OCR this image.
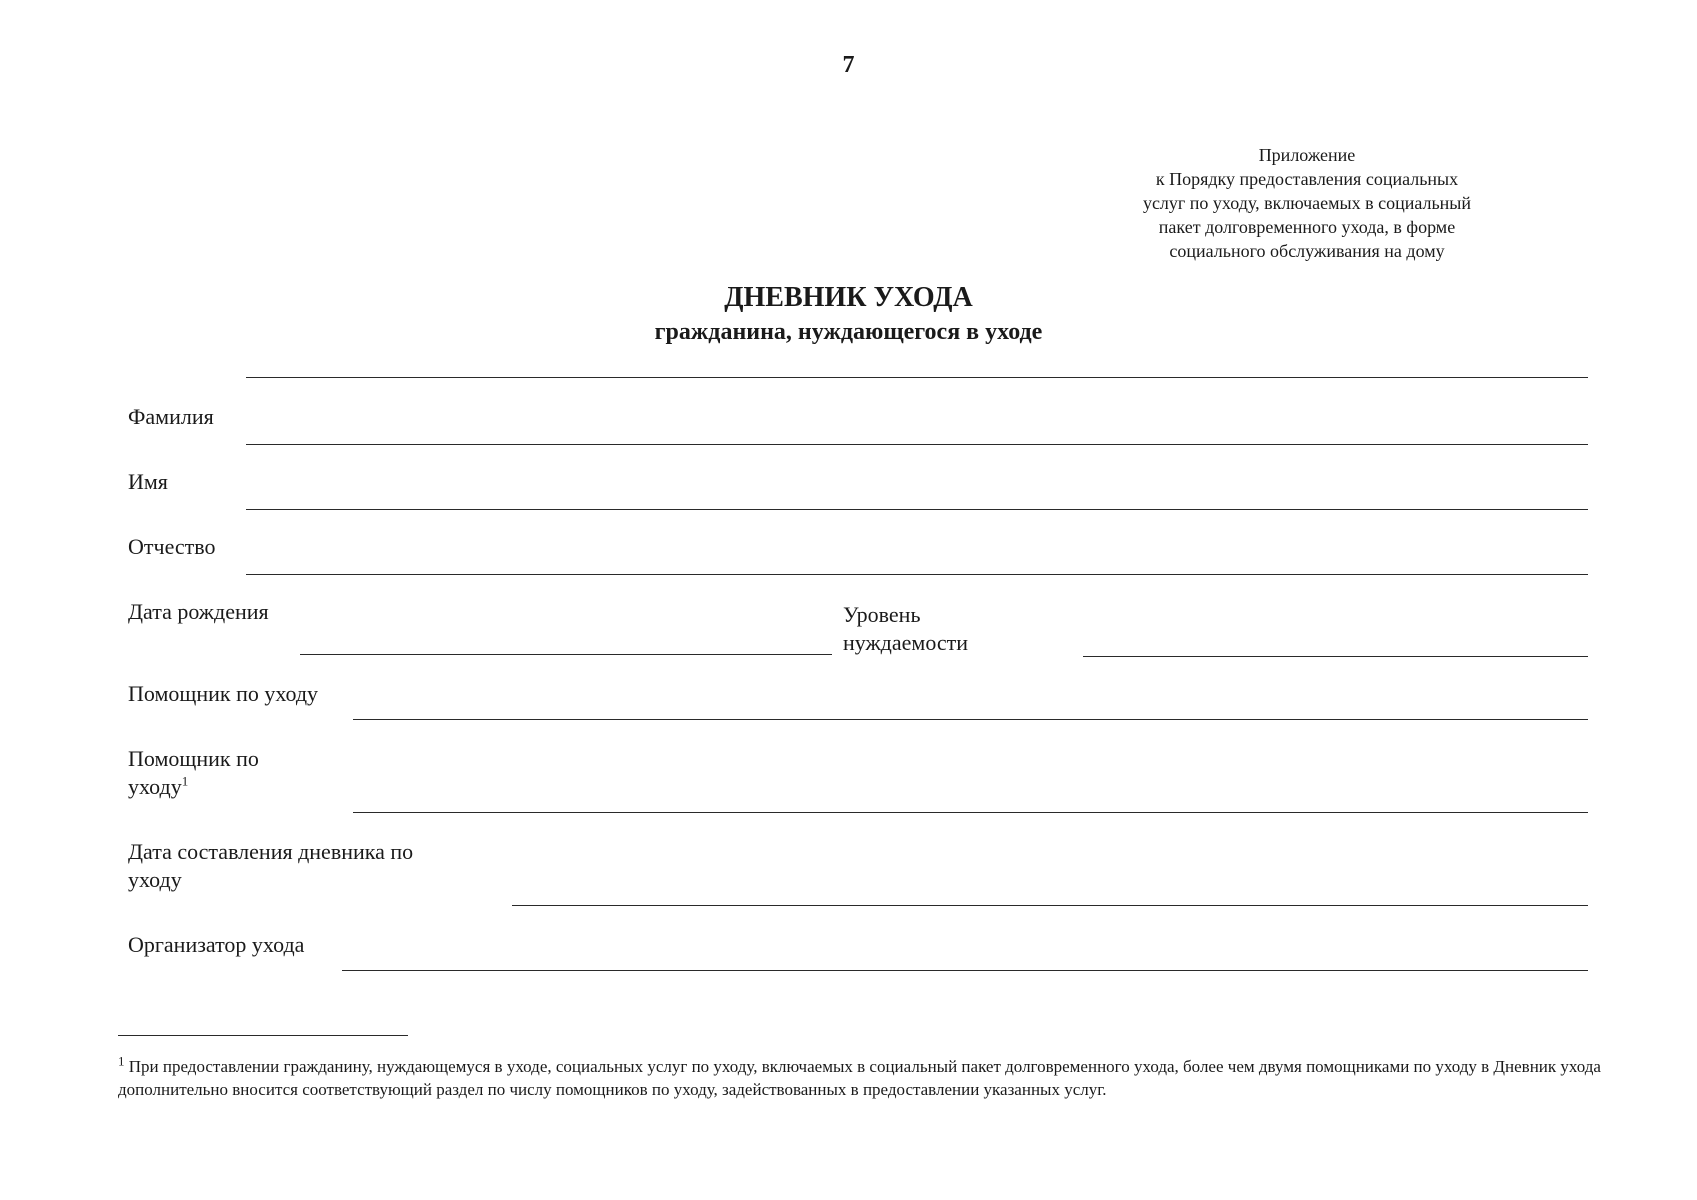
7
Приложение
к Порядку предоставления социальных
услуг по уходу, включаемых в социальный
пакет долговременного ухода, в форме
социального обслуживания на дому
ДНЕВНИК УХОДА
гражданина, нуждающегося в уходе
Фамилия
Имя
Отчество
Дата рождения	Уровень
нуждаемости
Помощник по уходу
Помощник по
уходу$^1$
Дата составления дневника по
уходу
Организатор ухода
$^1$ При предоставлении гражданину, нуждающемуся в уходе, социальных услуг по уходу, включаемых в социальный пакет долговременного ухода, более чем двумя помощниками по уходу в Дневник ухода дополнительно вносится соответствующий раздел по числу помощников по уходу, задействованных в предоставлении указанных услуг.
